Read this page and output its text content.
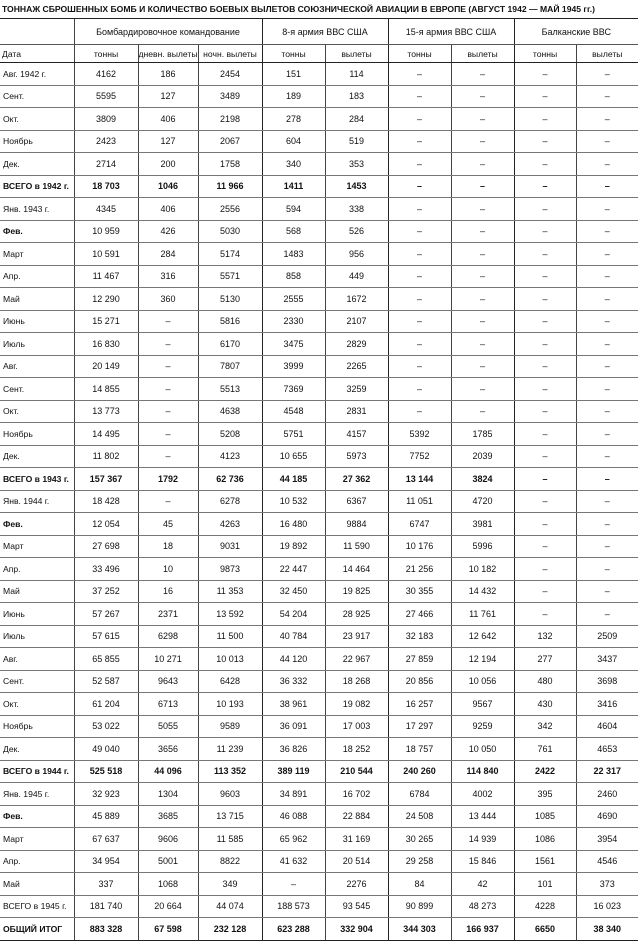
ТОННАЖ СБРОШЕННЫХ БОМБ И КОЛИЧЕСТВО БОЕВЫХ ВЫЛЕТОВ СОЮЗНИЧЕСКОЙ АВИАЦИИ В ЕВРОПЕ (АВГУСТ 1942 — МАЙ 1945 гг.)
	Бомбардировочное командование			8-я армия ВВС США		15-я армия ВВС США		Балканские ВВС	
Дата	тонны	дневн. вылеты	ночн. вылеты	тонны	вылеты	тонны	вылеты	тонны	вылеты
Авг. 1942 г.	4162	186	2454	151	114	–	–	–	–
Сент.	5595	127	3489	189	183	–	–	–	–
Окт.	3809	406	2198	278	284	–	–	–	–
Ноябрь	2423	127	2067	604	519	–	–	–	–
Дек.	2714	200	1758	340	353	–	–	–	–
ВСЕГО в 1942 г.	18 703	1046	11 966	1411	1453	–	–	–	–
Янв. 1943 г.	4345	406	2556	594	338	–	–	–	–
Фев.	10 959	426	5030	568	526	–	–	–	–
Март	10 591	284	5174	1483	956	–	–	–	–
Апр.	11 467	316	5571	858	449	–	–	–	–
Май	12 290	360	5130	2555	1672	–	–	–	–
Июнь	15 271	–	5816	2330	2107	–	–	–	–
Июль	16 830	–	6170	3475	2829	–	–	–	–
Авг.	20 149	–	7807	3999	2265	–	–	–	–
Сент.	14 855	–	5513	7369	3259	–	–	–	–
Окт.	13 773	–	4638	4548	2831	–	–	–	–
Ноябрь	14 495	–	5208	5751	4157	5392	1785	–	–
Дек.	11 802	–	4123	10 655	5973	7752	2039	–	–
ВСЕГО в 1943 г.	157 367	1792	62 736	44 185	27 362	13 144	3824	–	–
Янв. 1944 г.	18 428	–	6278	10 532	6367	11 051	4720	–	–
Фев.	12 054	45	4263	16 480	9884	6747	3981	–	–
Март	27 698	18	9031	19 892	11 590	10 176	5996	–	–
Апр.	33 496	10	9873	22 447	14 464	21 256	10 182	–	–
Май	37 252	16	11 353	32 450	19 825	30 355	14 432	–	–
Июнь	57 267	2371	13 592	54 204	28 925	27 466	11 761	–	–
Июль	57 615	6298	11 500	40 784	23 917	32 183	12 642	132	2509
Авг.	65 855	10 271	10 013	44 120	22 967	27 859	12 194	277	3437
Сент.	52 587	9643	6428	36 332	18 268	20 856	10 056	480	3698
Окт.	61 204	6713	10 193	38 961	19 082	16 257	9567	430	3416
Ноябрь	53 022	5055	9589	36 091	17 003	17 297	9259	342	4604
Дек.	49 040	3656	11 239	36 826	18 252	18 757	10 050	761	4653
ВСЕГО в 1944 г.	525 518	44 096	113 352	389 119	210 544	240 260	114 840	2422	22 317
Янв. 1945 г.	32 923	1304	9603	34 891	16 702	6784	4002	395	2460
Фев.	45 889	3685	13 715	46 088	22 884	24 508	13 444	1085	4690
Март	67 637	9606	11 585	65 962	31 169	30 265	14 939	1086	3954
Апр.	34 954	5001	8822	41 632	20 514	29 258	15 846	1561	4546
Май	337	1068	349	–	2276	84	42	101	373
ВСЕГО в 1945 г.	181 740	20 664	44 074	188 573	93 545	90 899	48 273	4228	16 023
ОБЩИЙ ИТОГ	883 328	67 598	232 128	623 288	332 904	344 303	166 937	6650	38 340
